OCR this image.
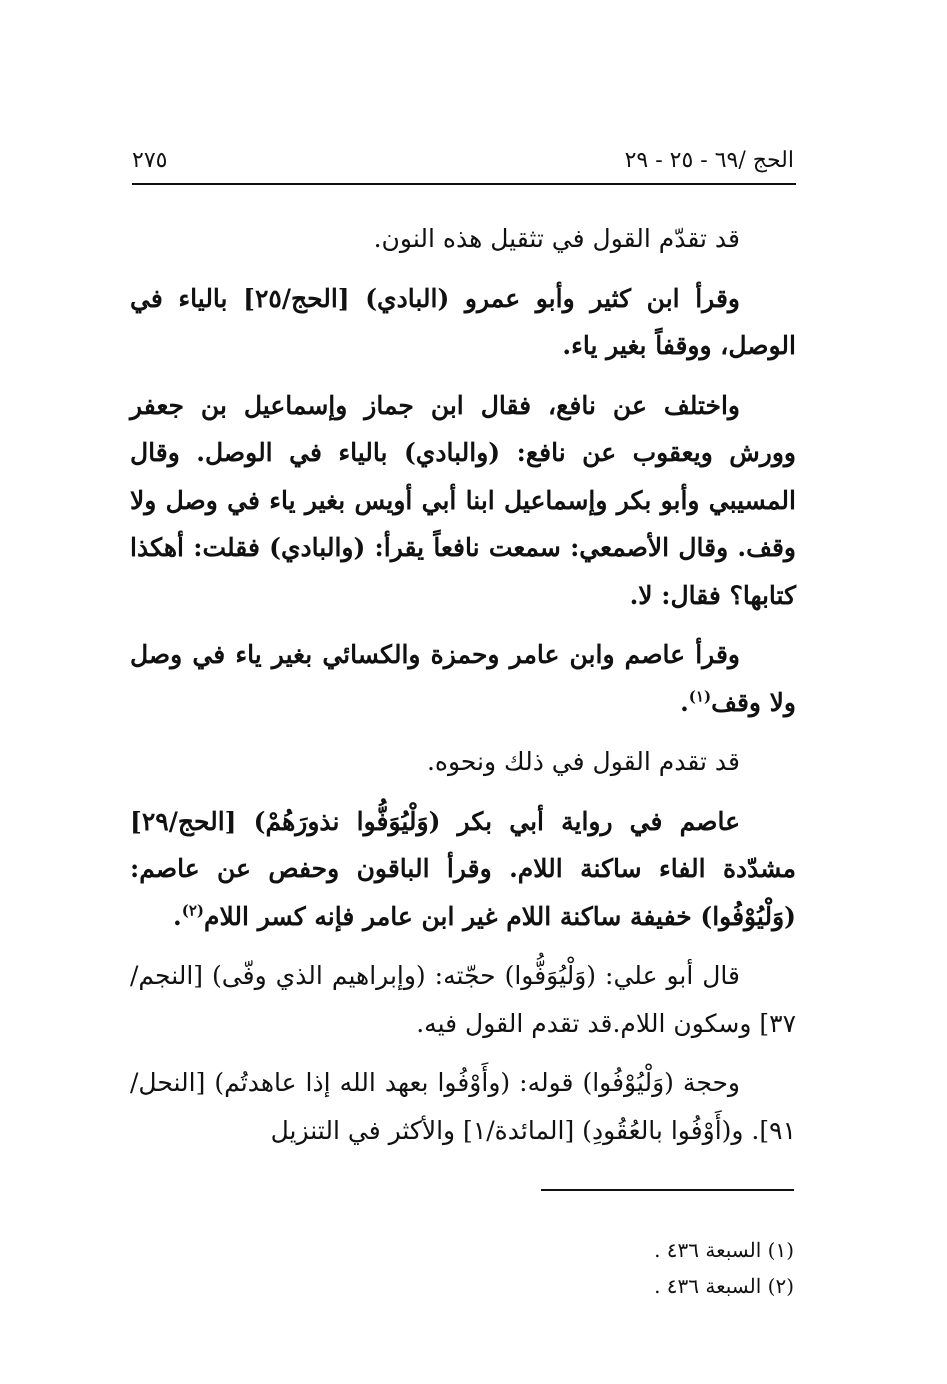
الحج /٦٩ - ٢٥ - ٢٩
٢٧٥

قد تقدّم القول في تثقيل هذه النون.

وقرأ ابن كثير وأبو عمرو (البادي) [الحج/٢٥] بالياء في الوصل، ووقفاً بغير ياء.

واختلف عن نافع، فقال ابن جماز وإسماعيل بن جعفر وورش ويعقوب عن نافع: (والبادي) بالياء في الوصل. وقال المسيبي وأبو بكر وإسماعيل ابنا أبي أويس بغير ياء في وصل ولا وقف. وقال الأصمعي: سمعت نافعاً يقرأ: (والبادي) فقلت: أهكذا كتابها؟ فقال: لا.

وقرأ عاصم وابن عامر وحمزة والكسائي بغير ياء في وصل ولا وقف$^{(١)}$.

قد تقدم القول في ذلك ونحوه.

عاصم في رواية أبي بكر (وَلْيُوَفُّوا نذورَهُمْ) [الحج/٢٩] مشدّدة الفاء ساكنة اللام. وقرأ الباقون وحفص عن عاصم: (وَلْيُوْفُوا) خفيفة ساكنة اللام غير ابن عامر فإنه كسر اللام$^{(٢)}$.

قال أبو علي: (وَلْيُوَفُّوا) حجّته: (وإبراهيم الذي وفّى) [النجم/٣٧] وسكون اللام.قد تقدم القول فيه.

وحجة (وَلْيُوْفُوا) قوله: (وأَوْفُوا بعهد الله إذا عاهدتُم) [النحل/٩١]. و(أَوْفُوا بالعُقُودِ) [المائدة/١] والأكثر في التنزيل

(١) السبعة ٤٣٦ .
(٢) السبعة ٤٣٦ .
